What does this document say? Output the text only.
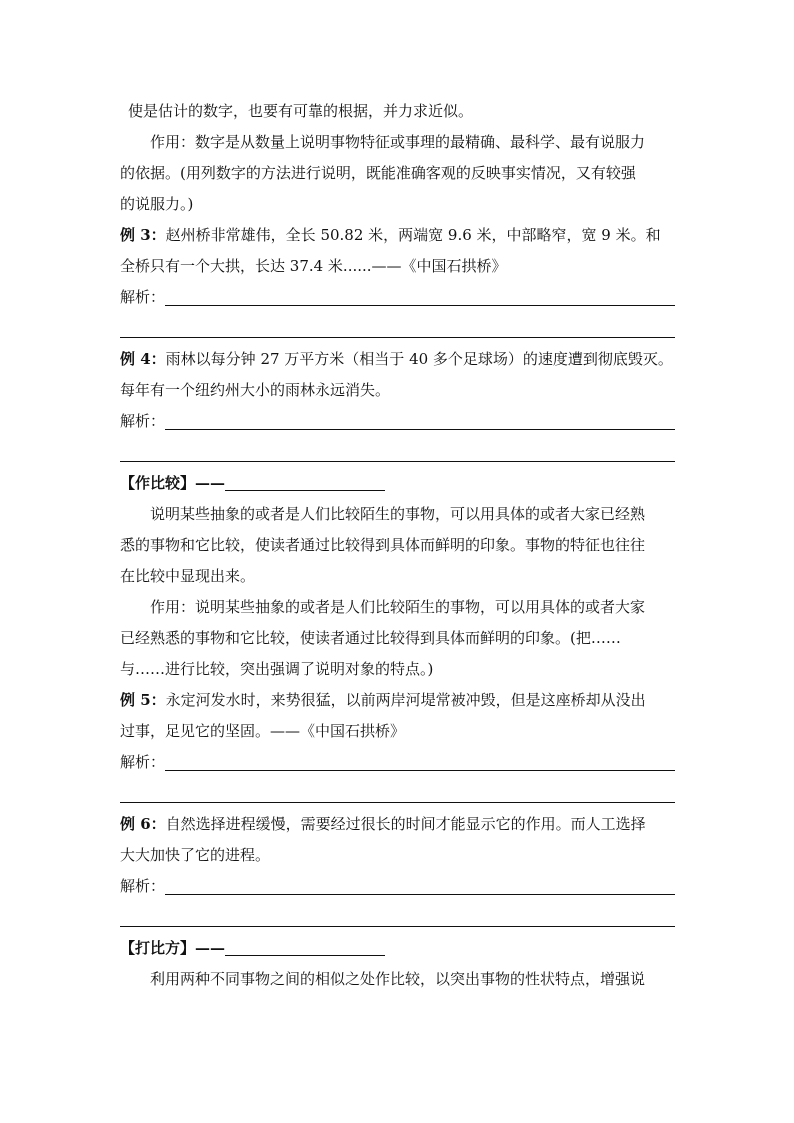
使是估计的数字，也要有可靠的根据，并力求近似。
作用：数字是从数量上说明事物特征或事理的最精确、最科学、最有说服力
的依据。(用列数字的方法进行说明，既能准确客观的反映事实情况，又有较强
的说服力。)
例 3：赵州桥非常雄伟，全长 50.82 米，两端宽 9.6 米，中部略窄，宽 9 米。和
全桥只有一个大拱，长达 37.4 米......——《中国石拱桥》
解析：
例 4：雨林以每分钟 27 万平方米（相当于 40 多个足球场）的速度遭到彻底毁灭。
每年有一个纽约州大小的雨林永远消失。
解析：
【作比较】——
说明某些抽象的或者是人们比较陌生的事物，可以用具体的或者大家已经熟
悉的事物和它比较，使读者通过比较得到具体而鲜明的印象。事物的特征也往往
在比较中显现出来。
作用：说明某些抽象的或者是人们比较陌生的事物，可以用具体的或者大家
已经熟悉的事物和它比较，使读者通过比较得到具体而鲜明的印象。(把……
与……进行比较，突出强调了说明对象的特点。)
例 5：永定河发水时，来势很猛，以前两岸河堤常被冲毁，但是这座桥却从没出
过事，足见它的坚固。——《中国石拱桥》
解析：
例 6：自然选择进程缓慢，需要经过很长的时间才能显示它的作用。而人工选择
大大加快了它的进程。
解析：
【打比方】——
利用两种不同事物之间的相似之处作比较，以突出事物的性状特点，增强说
